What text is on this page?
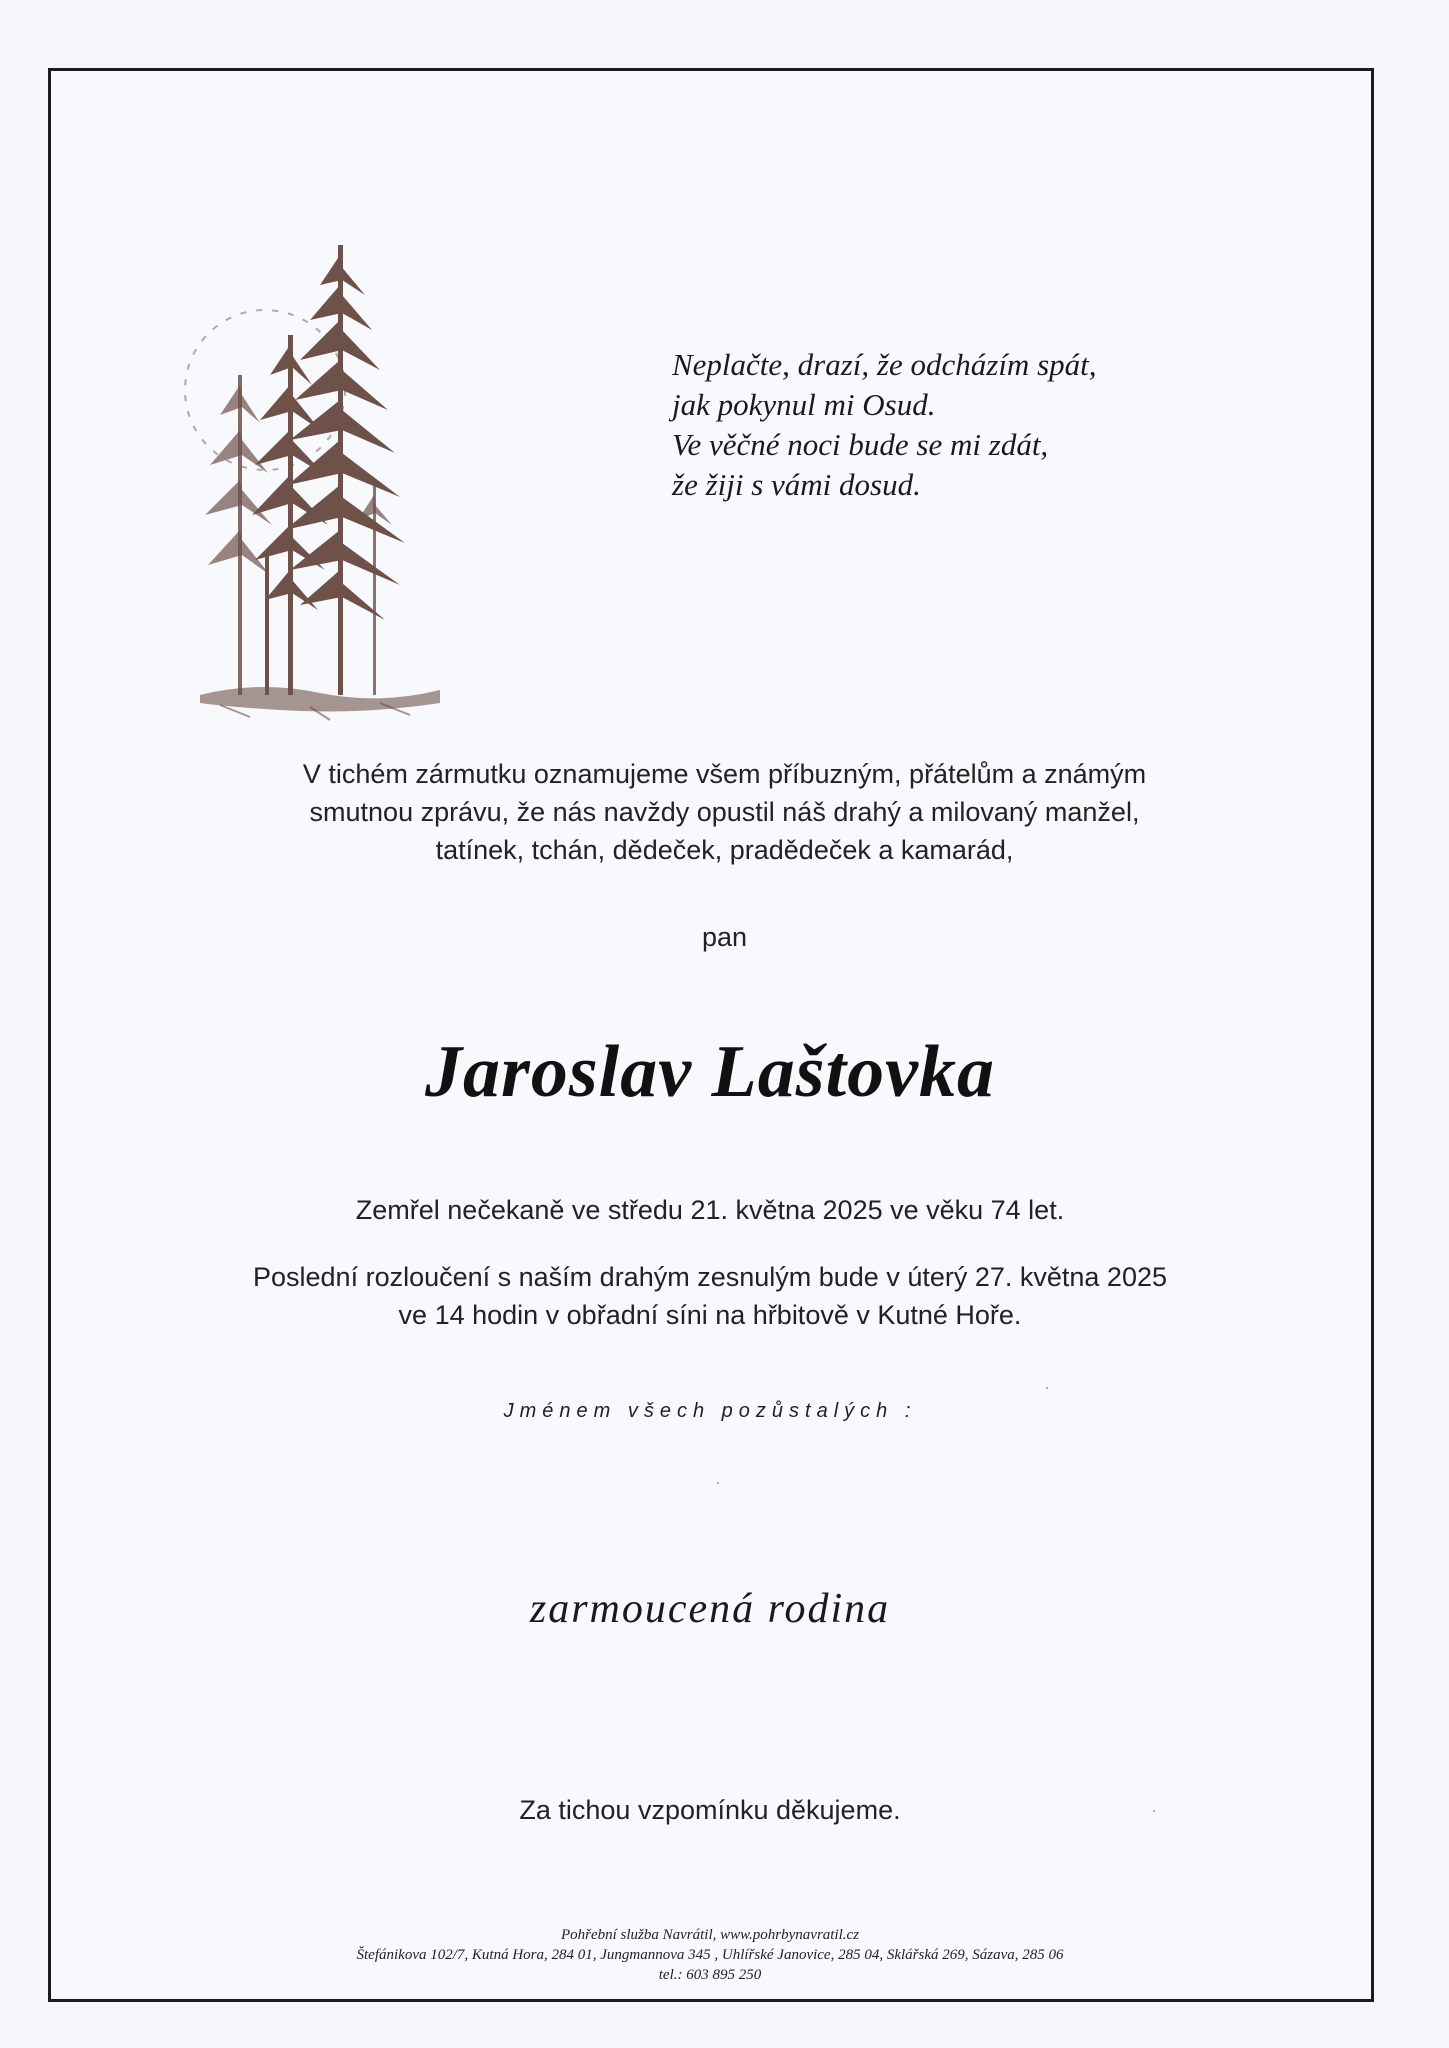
Neplačte, drazí, že odcházím spát,
jak pokynul mi Osud.
Ve věčné noci bude se mi zdát,
že žiji s vámi dosud.
V tichém zármutku oznamujeme všem příbuzným, přátelům a známým
smutnou zprávu, že nás navždy opustil náš drahý a milovaný manžel,
tatínek, tchán, dědeček, pradědeček a kamarád,
pan
Jaroslav Laštovka
Zemřel nečekaně ve středu 21. května 2025 ve věku 74 let.
Poslední rozloučení s naším drahým zesnulým bude v úterý 27. května 2025
ve 14 hodin v obřadní síni na hřbitově v Kutné Hoře.
Jménem všech pozůstalých :
zarmoucená rodina
Za tichou vzpomínku děkujeme.
Pohřební služba Navrátil, www.pohrbynavratil.cz
Štefánikova 102/7, Kutná Hora, 284 01, Jungmannova 345 , Uhlířské Janovice, 285 04, Sklářská 269, Sázava, 285 06
tel.: 603 895 250
